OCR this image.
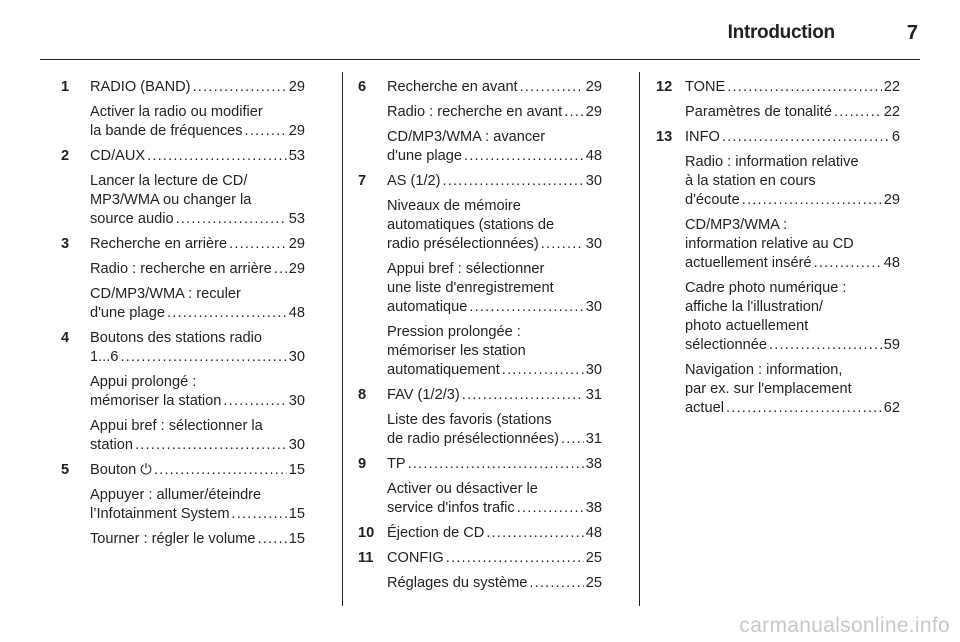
Introduction	7
1 RADIO (BAND) .....	29
Activer la radio ou modifier
la bande de fréquences .....	29
2 CD/AUX .....	53
Lancer la lecture de CD/
MP3/WMA ou changer la
source audio .....	53
3 Recherche en arrière .....	29
Radio : recherche en arrière ..... 29
CD/MP3/WMA : reculer
d'une plage .....	48
4 Boutons des stations radio
1...6 .....	30
Appui prolongé :
mémoriser la station .....	30
Appui bref : sélectionner la
station .....	30
5 Bouton ⏻ .....	15
Appuyer : allumer/éteindre
l’Infotainment System .....	15
Tourner : régler le volume ..... 15
6 Recherche en avant .....	29
Radio : recherche en avant ..... 29
CD/MP3/WMA : avancer
d'une plage .....	48
7 AS (1/2) .....	30
Niveaux de mémoire
automatiques (stations de
radio présélectionnées) .....	30
Appui bref : sélectionner
une liste d'enregistrement
automatique .....	30
Pression prolongée :
mémoriser les station
automatiquement .....	30
8 FAV (1/2/3) .....	31
Liste des favoris (stations
de radio présélectionnées) ..... 31
9 TP .....	38
Activer ou désactiver le
service d'infos trafic .....	38
10 Éjection de CD .....	48
11 CONFIG .....	25
Réglages du système .....	25
12 TONE .....	22
Paramètres de tonalité .....	22
13 INFO .....	6
Radio : information relative
à la station en cours
d'écoute .....	29
CD/MP3/WMA :
information relative au CD
actuellement inséré .....	48
Cadre photo numérique :
affiche la l'illustration/
photo actuellement
sélectionnée .....	59
Navigation : information,
par ex. sur l'emplacement
actuel .....	62
carmanualsonline.info
